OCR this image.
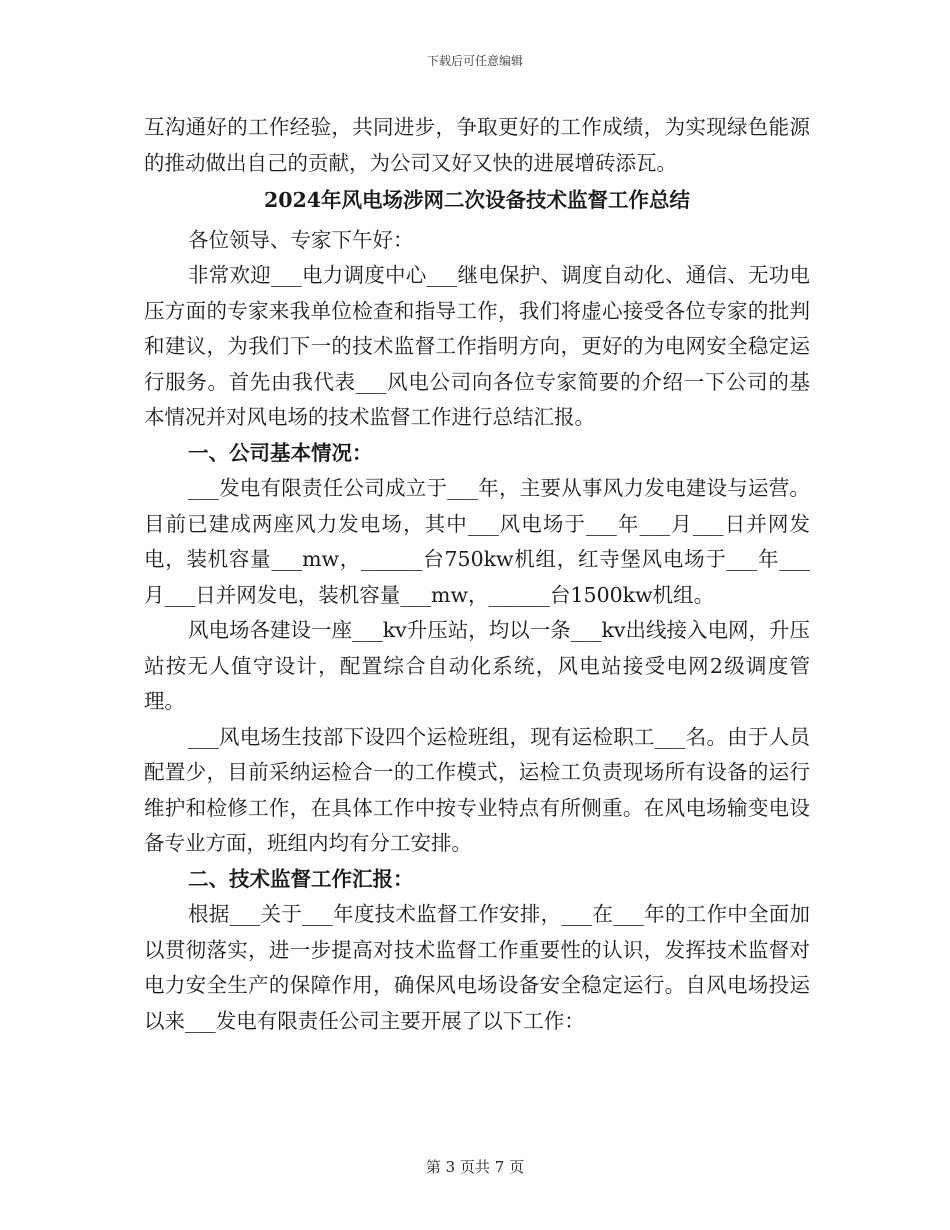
下载后可任意编辑

互沟通好的工作经验，共同进步，争取更好的工作成绩，为实现绿色能源的推动做出自己的贡献，为公司又好又快的进展增砖添瓦。

2024年风电场涉网二次设备技术监督工作总结

各位领导、专家下午好：

非常欢迎___电力调度中心___继电保护、调度自动化、通信、无功电压方面的专家来我单位检查和指导工作，我们将虚心接受各位专家的批判和建议，为我们下一的技术监督工作指明方向，更好的为电网安全稳定运行服务。首先由我代表___风电公司向各位专家简要的介绍一下公司的基本情况并对风电场的技术监督工作进行总结汇报。

一、公司基本情况：

___发电有限责任公司成立于___年，主要从事风力发电建设与运营。目前已建成两座风力发电场，其中___风电场于___年___月___日并网发电，装机容量___mw，______台750kw机组，红寺堡风电场于___年___月___日并网发电，装机容量___mw，______台1500kw机组。

风电场各建设一座___kv升压站，均以一条___kv出线接入电网，升压站按无人值守设计，配置综合自动化系统，风电站接受电网2级调度管理。

___风电场生技部下设四个运检班组，现有运检职工___名。由于人员配置少，目前采纳运检合一的工作模式，运检工负责现场所有设备的运行维护和检修工作，在具体工作中按专业特点有所侧重。在风电场输变电设备专业方面，班组内均有分工安排。

二、技术监督工作汇报：

根据___关于___年度技术监督工作安排，___在___年的工作中全面加以贯彻落实，进一步提高对技术监督工作重要性的认识，发挥技术监督对电力安全生产的保障作用，确保风电场设备安全稳定运行。自风电场投运以来___发电有限责任公司主要开展了以下工作：

第 3 页共 7 页
